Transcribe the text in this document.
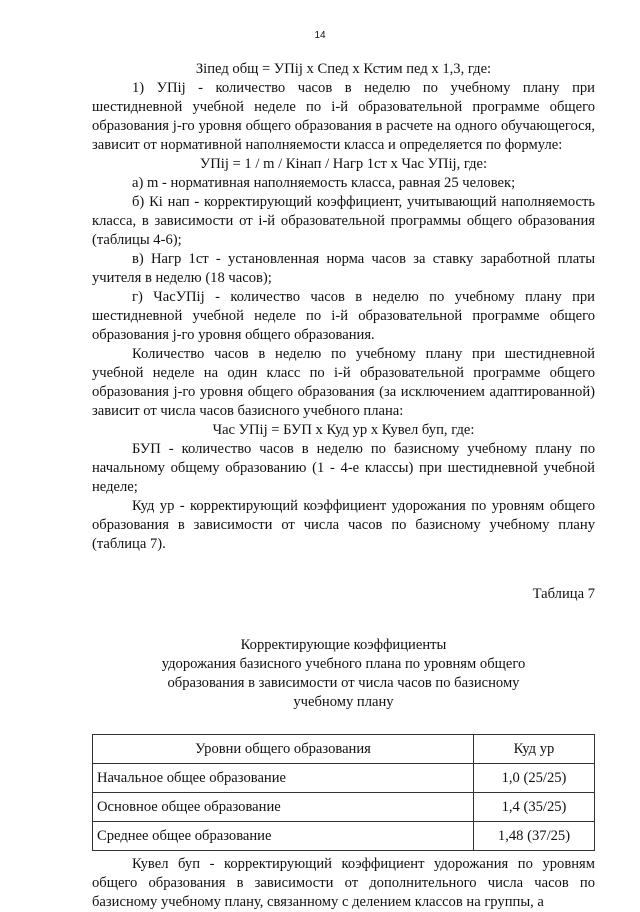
14

Зiпед общ = УПij х Спед х Кстим пед х 1,3, где:

1) УПij - количество часов в неделю по учебному плану при шестидневной учебной неделе по i-й образовательной программе общего образования j-го уровня общего образования в расчете на одного обучающегося, зависит от нормативной наполняемости класса и определяется по формуле:

УПij = 1 / m / Кiнап / Нагр 1ст х Час УПij, где:

а) m - нормативная наполняемость класса, равная 25 человек;

б) Кi нап - корректирующий коэффициент, учитывающий наполняемость класса, в зависимости от i-й образовательной программы общего образования (таблицы 4-6);

в) Нагр 1ст - установленная норма часов за ставку заработной платы учителя в неделю (18 часов);

г) ЧасУПij - количество часов в неделю по учебному плану при шестидневной учебной неделе по i-й образовательной программе общего образования j-го уровня общего образования.

Количество часов в неделю по учебному плану при шестидневной учебной неделе на один класс по i-й образовательной программе общего образования j-го уровня общего образования (за исключением адаптированной) зависит от числа часов базисного учебного плана:

Час УПij = БУП х Куд ур х Кувел буп, где:

БУП - количество часов в неделю по базисному учебному плану по начальному общему образованию (1 - 4-е классы) при шестидневной учебной неделе;

Куд ур - корректирующий коэффициент удорожания по уровням общего образования в зависимости от числа часов по базисному учебному плану (таблица 7).

Таблица 7

Корректирующие коэффициенты
удорожания базисного учебного плана по уровням общего
образования в зависимости от числа часов по базисному
учебному плану

Уровни общего образования	Куд ур
Начальное общее образование	1,0 (25/25)
Основное общее образование	1,4 (35/25)
Среднее общее образование	1,48 (37/25)

Кувел буп - корректирующий коэффициент удорожания по уровням общего образования в зависимости от дополнительного числа часов по базисному учебному плану, связанному с делением классов на группы, а
